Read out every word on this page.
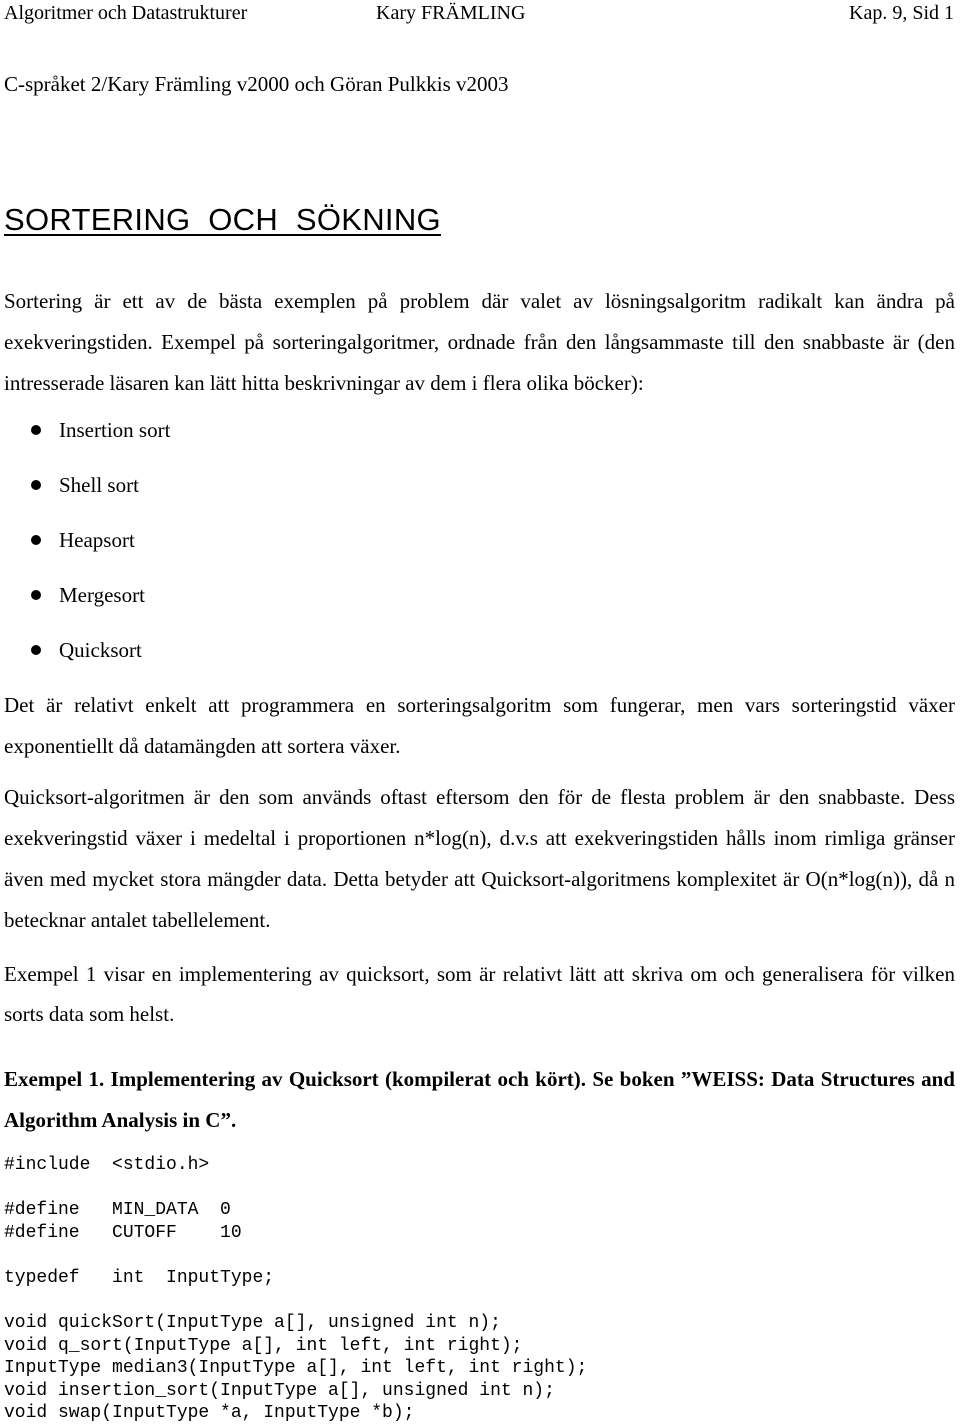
Algoritmer och Datastrukturer	Kary FRÄMLING	Kap. 9, Sid 1
C-språket 2/Kary Främling v2000 och Göran Pulkkis v2003
SORTERING  OCH  SÖKNING

Sortering är ett av de bästa exemplen på problem där valet av lösningsalgoritm radikalt kan ändra på exekveringstiden. Exempel på sorteringalgoritmer, ordnade från den långsammaste till den snabbaste är (den intresserade läsaren kan lätt hitta beskrivningar av dem i flera olika böcker):

Insertion sort
Shell sort
Heapsort
Mergesort
Quicksort

Det är relativt enkelt att programmera en sorteringsalgoritm som fungerar, men vars sorteringstid växer exponentiellt då datamängden att sortera växer.

Quicksort-algoritmen är den som används oftast eftersom den för de flesta problem är den snabbaste. Dess exekveringstid växer i medeltal i proportionen n*log(n), d.v.s att exekveringstiden hålls inom rimliga gränser även med mycket stora mängder data. Detta betyder att Quicksort-algoritmens komplexitet är O(n*log(n)), då n betecknar antalet tabellelement.

Exempel 1 visar en implementering av quicksort, som är relativt lätt att skriva om och generalisera för vilken sorts data som helst.

Exempel 1. Implementering av Quicksort (kompilerat och kört). Se boken ”WEISS: Data Structures and Algorithm Analysis in C”.

#include  <stdio.h>
#define   MIN_DATA  0
#define   CUTOFF    10
typedef   int  InputType;
void quickSort(InputType a[], unsigned int n);
void q_sort(InputType a[], int left, int right);
InputType median3(InputType a[], int left, int right);
void insertion_sort(InputType a[], unsigned int n);
void swap(InputType *a, InputType *b);
